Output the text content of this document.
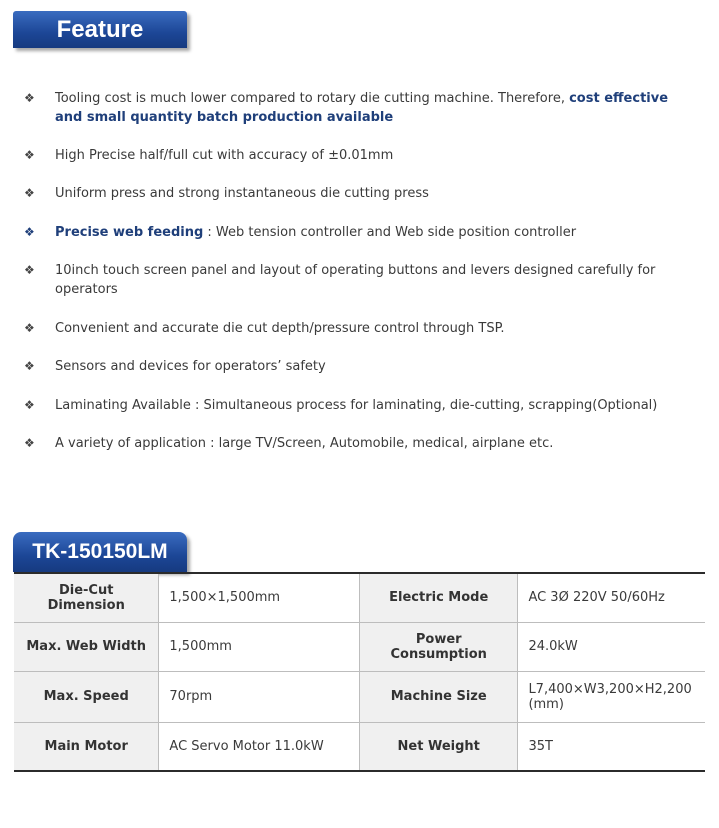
Feature
❖	Tooling cost is much lower compared to rotary die cutting machine. Therefore, cost effective and small quantity batch production available
❖	High Precise half/full cut with accuracy of ±0.01mm
❖	Uniform press and strong instantaneous die cutting press
❖	Precise web feeding : Web tension controller and Web side position controller
❖	10inch touch screen panel and layout of operating buttons and levers designed carefully for operators
❖	Convenient and accurate die cut depth/pressure control through TSP.
❖	Sensors and devices for operators’ safety
❖	Laminating Available : Simultaneous process for laminating, die-cutting, scrapping(Optional)
❖	A variety of application : large TV/Screen, Automobile, medical, airplane etc.
TK-150150LM
Die-Cut Dimension	1,500×1,500mm	Electric Mode	AC 3Ø 220V 50/60Hz
Max. Web Width	1,500mm	Power Consumption	24.0kW
Max. Speed	70rpm	Machine Size	L7,400×W3,200×H2,200 (mm)
Main Motor	AC Servo Motor 11.0kW	Net Weight	35T
